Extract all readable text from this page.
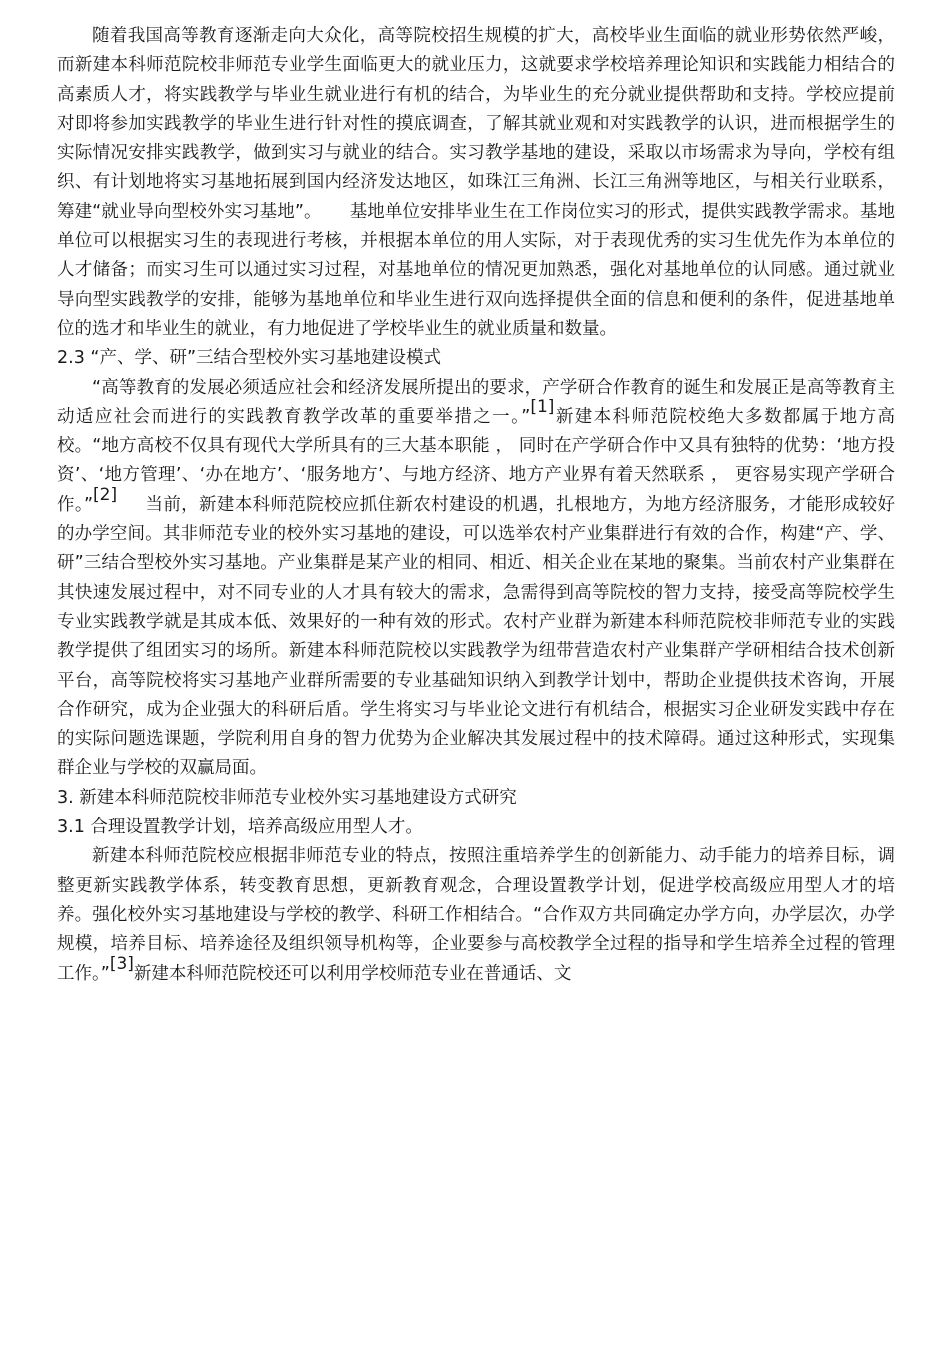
随着我国高等教育逐渐走向大众化，高等院校招生规模的扩大，高校毕业生面临的就业形势依然严峻，而新建本科师范院校非师范专业学生面临更大的就业压力，这就要求学校培养理论知识和实践能力相结合的高素质人才，将实践教学与毕业生就业进行有机的结合，为毕业生的充分就业提供帮助和支持。学校应提前对即将参加实践教学的毕业生进行针对性的摸底调查，了解其就业观和对实践教学的认识，进而根据学生的实际情况安排实践教学，做到实习与就业的结合。实习教学基地的建设，采取以市场需求为导向，学校有组织、有计划地将实习基地拓展到国内经济发达地区，如珠江三角洲、长江三角洲等地区，与相关行业联系，筹建“就业导向型校外实习基地”。 基地单位安排毕业生在工作岗位实习的形式，提供实践教学需求。基地单位可以根据实习生的表现进行考核，并根据本单位的用人实际，对于表现优秀的实习生优先作为本单位的人才储备；而实习生可以通过实习过程，对基地单位的情况更加熟悉，强化对基地单位的认同感。通过就业导向型实践教学的安排，能够为基地单位和毕业生进行双向选择提供全面的信息和便利的条件，促进基地单位的选才和毕业生的就业，有力地促进了学校毕业生的就业质量和数量。

2.3 “产、学、研”三结合型校外实习基地建设模式

“高等教育的发展必须适应社会和经济发展所提出的要求，产学研合作教育的诞生和发展正是高等教育主动适应社会而进行的实践教育教学改革的重要举措之一。”[1]新建本科师范院校绝大多数都属于地方高校。“地方高校不仅具有现代大学所具有的三大基本职能 ， 同时在产学研合作中又具有独特的优势：‘地方投资’、‘地方管理’、‘办在地方’、‘服务地方’、与地方经济、地方产业界有着天然联系 ， 更容易实现产学研合作。”[2] 当前，新建本科师范院校应抓住新农村建设的机遇，扎根地方，为地方经济服务，才能形成较好的办学空间。其非师范专业的校外实习基地的建设，可以选举农村产业集群进行有效的合作，构建“产、学、研”三结合型校外实习基地。产业集群是某产业的相同、相近、相关企业在某地的聚集。当前农村产业集群在其快速发展过程中，对不同专业的人才具有较大的需求，急需得到高等院校的智力支持，接受高等院校学生专业实践教学就是其成本低、效果好的一种有效的形式。农村产业群为新建本科师范院校非师范专业的实践教学提供了组团实习的场所。新建本科师范院校以实践教学为纽带营造农村产业集群产学研相结合技术创新平台，高等院校将实习基地产业群所需要的专业基础知识纳入到教学计划中，帮助企业提供技术咨询，开展合作研究，成为企业强大的科研后盾。学生将实习与毕业论文进行有机结合，根据实习企业研发实践中存在的实际问题选课题，学院利用自身的智力优势为企业解决其发展过程中的技术障碍。通过这种形式，实现集群企业与学校的双赢局面。

3. 新建本科师范院校非师范专业校外实习基地建设方式研究

3.1 合理设置教学计划，培养高级应用型人才。

新建本科师范院校应根据非师范专业的特点，按照注重培养学生的创新能力、动手能力的培养目标，调整更新实践教学体系，转变教育思想，更新教育观念，合理设置教学计划，促进学校高级应用型人才的培养。强化校外实习基地建设与学校的教学、科研工作相结合。“合作双方共同确定办学方向，办学层次，办学规模，培养目标、培养途径及组织领导机构等，企业要参与高校教学全过程的指导和学生培养全过程的管理工作。”[3]新建本科师范院校还可以利用学校师范专业在普通话、文
